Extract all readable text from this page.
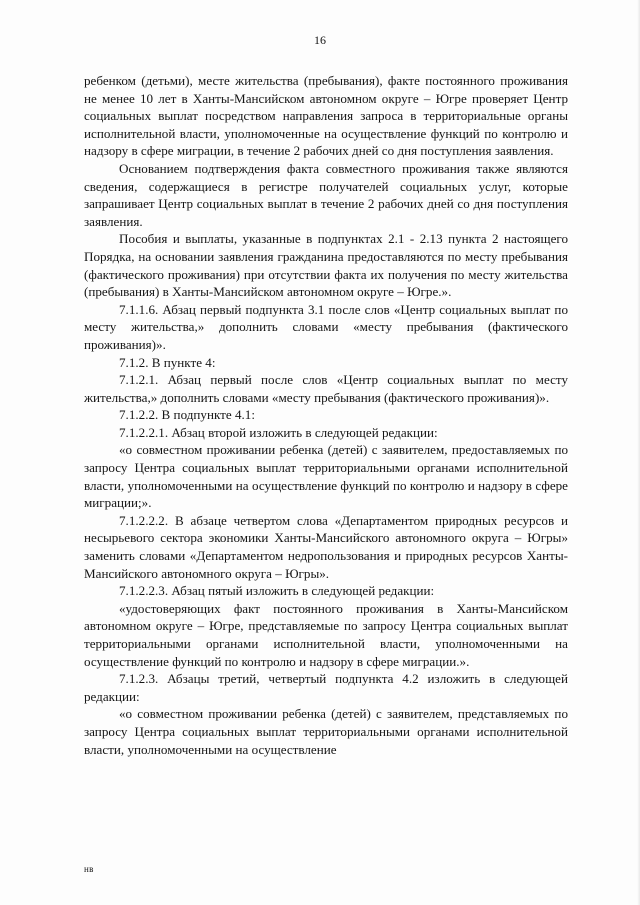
16

ребенком (детьми), месте жительства (пребывания), факте постоянного проживания не менее 10 лет в Ханты-Мансийском автономном округе – Югре проверяет Центр социальных выплат посредством направления запроса в территориальные органы исполнительной власти, уполномоченные на осуществление функций по контролю и надзору в сфере миграции, в течение 2 рабочих дней со дня поступления заявления.

Основанием подтверждения факта совместного проживания также являются сведения, содержащиеся в регистре получателей социальных услуг, которые запрашивает Центр социальных выплат в течение 2 рабочих дней со дня поступления заявления.

Пособия и выплаты, указанные в подпунктах 2.1 - 2.13 пункта 2 настоящего Порядка, на основании заявления гражданина предоставляются по месту пребывания (фактического проживания) при отсутствии факта их получения по месту жительства (пребывания) в Ханты-Мансийском автономном округе – Югре.».

7.1.1.6. Абзац первый подпункта 3.1 после слов «Центр социальных выплат по месту жительства,» дополнить словами «месту пребывания (фактического проживания)».

7.1.2. В пункте 4:

7.1.2.1. Абзац первый после слов «Центр социальных выплат по месту жительства,» дополнить словами «месту пребывания (фактического проживания)».

7.1.2.2. В подпункте 4.1:

7.1.2.2.1. Абзац второй изложить в следующей редакции:

«о совместном проживании ребенка (детей) с заявителем, предоставляемых по запросу Центра социальных выплат территориальными органами исполнительной власти, уполномоченными на осуществление функций по контролю и надзору в сфере миграции;».

7.1.2.2.2. В абзаце четвертом слова «Департаментом природных ресурсов и несырьевого сектора экономики Ханты-Мансийского автономного округа – Югры» заменить словами «Департаментом недропользования и природных ресурсов Ханты-Мансийского автономного округа – Югры».

7.1.2.2.3. Абзац пятый изложить в следующей редакции:

«удостоверяющих факт постоянного проживания в Ханты-Мансийском автономном округе – Югре, представляемые по запросу Центра социальных выплат территориальными органами исполнительной власти, уполномоченными на осуществление функций по контролю и надзору в сфере миграции.».

7.1.2.3. Абзацы третий, четвертый подпункта 4.2 изложить в следующей редакции:

«о совместном проживании ребенка (детей) с заявителем, представляемых по запросу Центра социальных выплат территориальными органами исполнительной власти, уполномоченными на осуществление

нв
